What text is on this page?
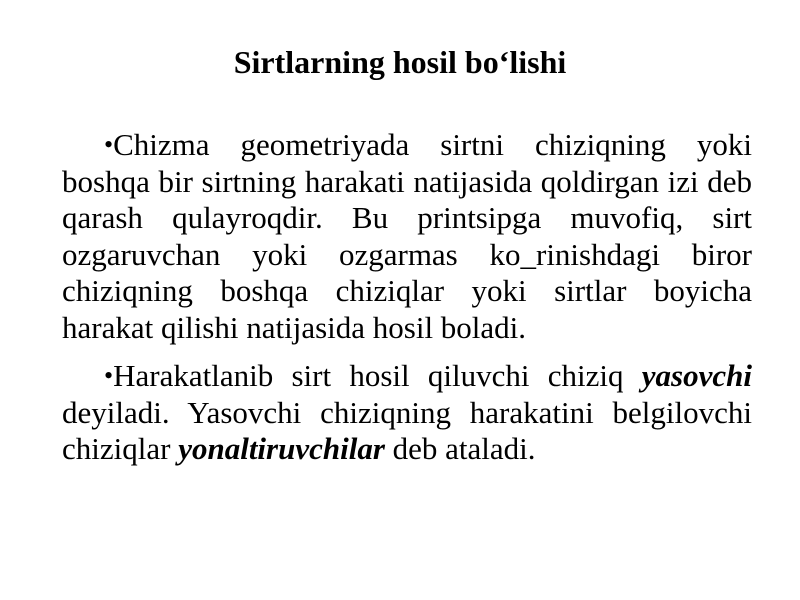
Sirtlarning hosil bo‘lishi

•Chizma geometriyada sirtni chiziqning yoki boshqa bir sirtning harakati natijasida qoldirgan izi deb qarash qulayroqdir. Bu printsipga muvofiq, sirt ozgaruvchan yoki ozgarmas ko_rinishdagi biror chiziqning boshqa chiziqlar yoki sirtlar boyicha harakat qilishi natijasida hosil boladi.

•Harakatlanib sirt hosil qiluvchi chiziq yasovchi deyiladi. Yasovchi chiziqning harakatini belgilovchi chiziqlar yonaltiruvchilar deb ataladi.
